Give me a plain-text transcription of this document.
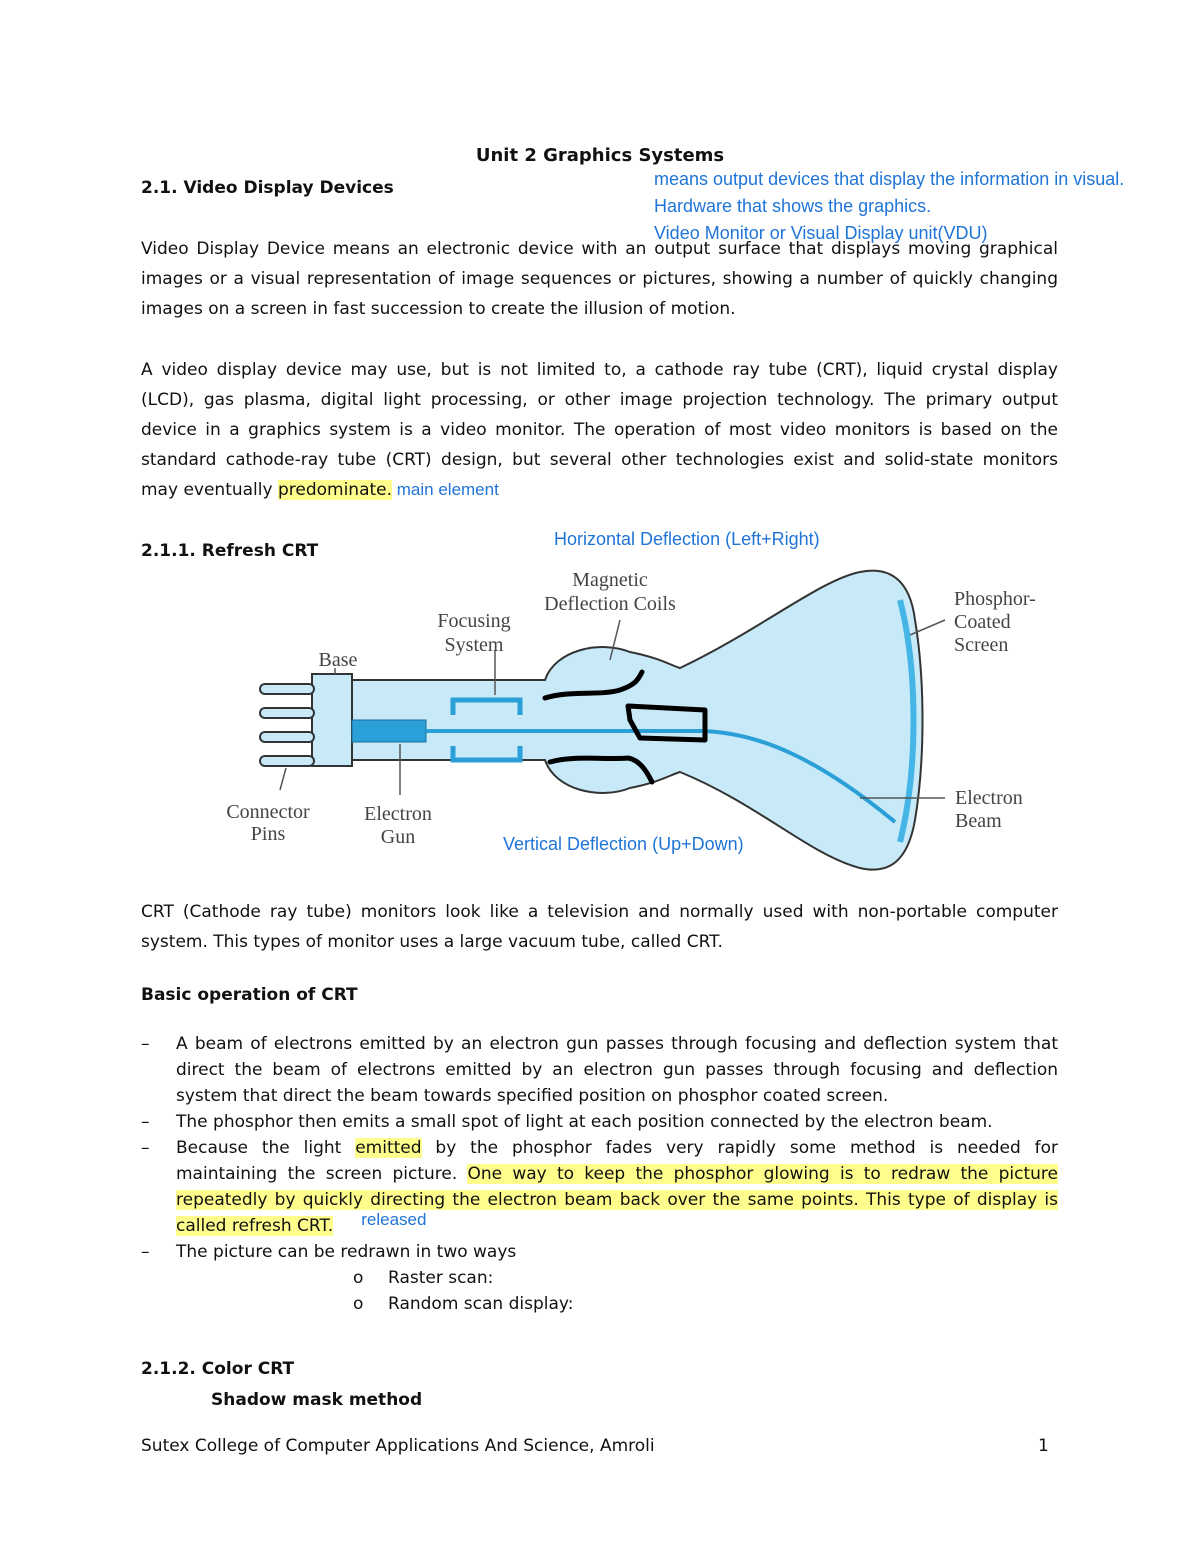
Unit 2 Graphics Systems
2.1. Video Display Devices	means output devices that display the information in visual.
Hardware that shows the graphics.
Video Monitor or Visual Display unit(VDU)
Video Display Device means an electronic device with an output surface that displays moving graphical
images or a visual representation of image sequences or pictures, showing a number of quickly changing
images on a screen in fast succession to create the illusion of motion.
A video display device may use, but is not limited to, a cathode ray tube (CRT), liquid crystal display
(LCD), gas plasma, digital light processing, or other image projection technology. The primary output
device in a graphics system is a video monitor. The operation of most video monitors is based on the
standard cathode-ray tube (CRT) design, but several other technologies exist and solid-state monitors
may eventually predominate. main element
2.1.1. Refresh CRT
Horizontal Deflection (Left+Right)
Magnetic
Deflection Coils
Focusing
System
Base
Phosphor-
Coated
Screen
Connector
Pins
Electron
Gun
Electron
Beam
Vertical Deflection (Up+Down)
CRT (Cathode ray tube) monitors look like a television and normally used with non-portable computer
system. This types of monitor uses a large vacuum tube, called CRT.
Basic operation of CRT
–	A beam of electrons emitted by an electron gun passes through focusing and deflection system that
direct the beam of electrons emitted by an electron gun passes through focusing and deflection
system that direct the beam towards specified position on phosphor coated screen.
–	The phosphor then emits a small spot of light at each position connected by the electron beam.
–	Because the light emitted by the phosphor fades very rapidly some method is needed for
maintaining the screen picture. One way to keep the phosphor glowing is to redraw the picture
repeatedly by quickly directing the electron beam back over the same points. This type of display is
called refresh CRT. released
–	The picture can be redrawn in two ways
o	Raster scan:
o	Random scan display:
2.1.2. Color CRT
Shadow mask method
Sutex College of Computer Applications And Science, Amroli	1
